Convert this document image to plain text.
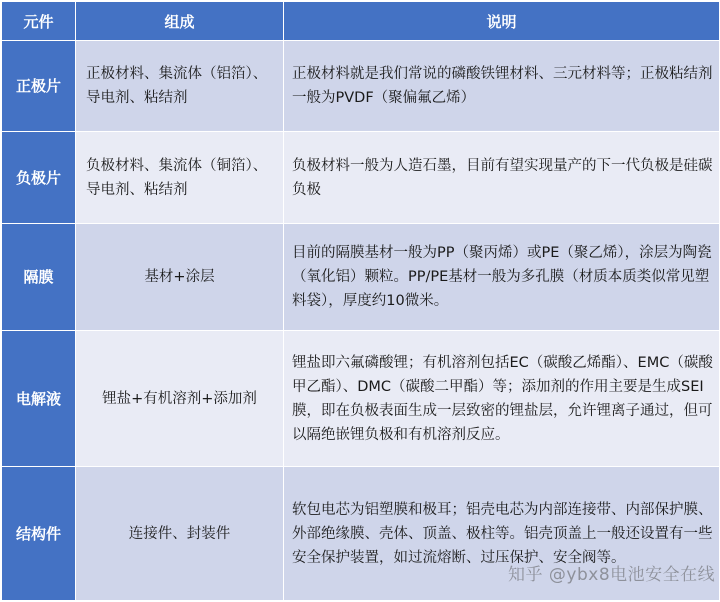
元件	组成	说明
正极片	正极材料、集流体（铝箔）、导电剂、粘结剂	正极材料就是我们常说的磷酸铁锂材料、三元材料等；正极粘结剂一般为PVDF（聚偏氟乙烯）
负极片	负极材料、集流体（铜箔）、导电剂、粘结剂	负极材料一般为人造石墨，目前有望实现量产的下一代负极是硅碳负极
隔膜	基材+涂层	目前的隔膜基材一般为PP（聚丙烯）或PE（聚乙烯），涂层为陶瓷（氧化铝）颗粒。PP/PE基材一般为多孔膜（材质本质类似常见塑料袋），厚度约10微米。
电解液	锂盐+有机溶剂+添加剂	锂盐即六氟磷酸锂；有机溶剂包括EC（碳酸乙烯酯）、EMC（碳酸甲乙酯）、DMC（碳酸二甲酯）等；添加剂的作用主要是生成SEI膜，即在负极表面生成一层致密的锂盐层，允许锂离子通过，但可以隔绝嵌锂负极和有机溶剂反应。
结构件	连接件、封装件	软包电芯为铝塑膜和极耳；铝壳电芯为内部连接带、内部保护膜、外部绝缘膜、壳体、顶盖、极柱等。铝壳顶盖上一般还设置有一些安全保护装置，如过流熔断、过压保护、安全阀等。
知乎 @ybx8电池安全在线
